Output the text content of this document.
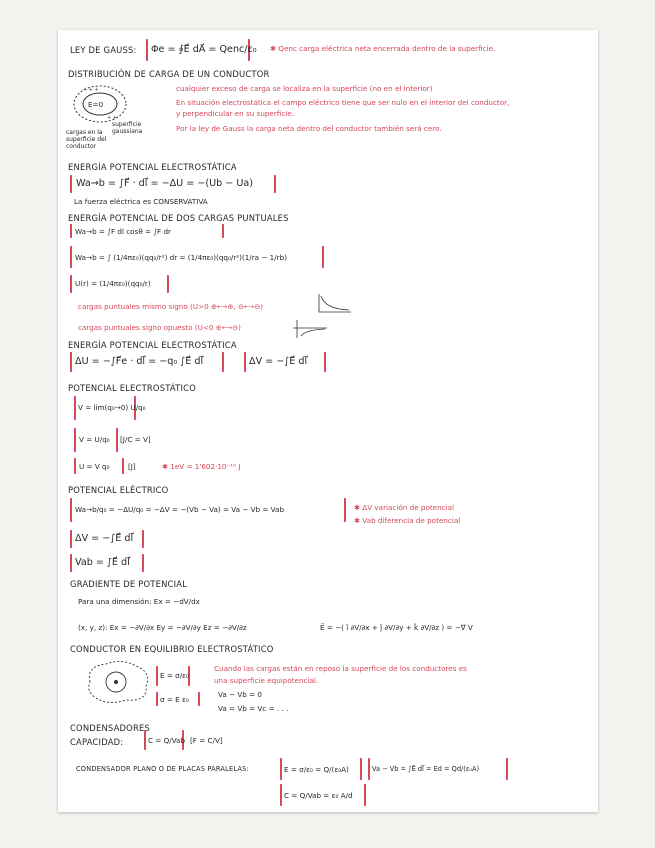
LEY DE GAUSS: Φe = ∮E⃗ dA⃗ = Qenc/ε₀ ✱ Qenc carga eléctrica neta encerrada dentro de la superficie.
DISTRIBUCIÓN DE CARGA DE UN CONDUCTOR
+ + +
+ +
E=0
cargas en la superficie del conductor
superficie gaussiana
cualquier exceso de carga se localiza en la superficie (no en el interior)
En situación electrostática el campo eléctrico tiene que ser nulo en el interior del conductor,
y perpendicular en su superficie.
Por la ley de Gauss la carga neta dentro del conductor también será cero.
ENERGÍA POTENCIAL ELECTROSTÁTICA
Wa→b = ∫F⃗ · dl⃗ = −ΔU = −(Ub − Ua)
La fuerza eléctrica es CONSERVATIVA
ENERGÍA POTENCIAL DE DOS CARGAS PUNTUALES
Wa→b = ∫F dl cosθ = ∫F dr
Wa→b = ∫ (1/4πε₀)(qq₀/r²) dr = (1/4πε₀)(qq₀/r²)(1/ra − 1/rb)
U(r) = (1/4πε₀)(qq₀/r)
cargas puntuales mismo signo (U>0 ⊕⟷⊕, ⊖⟷⊖)
cargas puntuales signo opuesto (U<0 ⊕⟷⊖)
ENERGÍA POTENCIAL ELECTROSTÁTICA
ΔU = −∫F⃗e · dl⃗ = −q₀ ∫E⃗ dl⃗	ΔV = −∫E⃗ dl⃗
POTENCIAL ELECTROSTÁTICO
V = lim(q₀→0) U/q₀
V = U/q₀ [J/C = V]
U = V q₀	[J]	✱ 1eV = 1'602·10⁻¹⁹ J
POTENCIAL ELÉCTRICO
Wa→b/q₀ = −ΔU/q₀ = −ΔV = −(Vb − Va) = Va − Vb = Vab	✱ ΔV variación de potencial
✱ Vab diferencia de potencial
ΔV = −∫E⃗ dl⃗
Vab = ∫E⃗ dl⃗
GRADIENTE DE POTENCIAL
Para una dimensión: Ex = −dV/dx
(x, y, z): Ex = −∂V/∂x Ey = −∂V/∂y Ez = −∂V/∂z	E⃗ = −( î ∂V/∂x + ĵ ∂V/∂y + k̂ ∂V/∂z ) = −∇⃗ V
CONDUCTOR EN EQUILIBRIO ELECTROSTÁTICO
E = σ/ε₀
σ = E ε₀
Cuando las cargas están en reposo la superficie de los conductores es
una superficie equipotencial.
Va − Vb = 0
Va = Vb = Vc = . . .
CONDENSADORES
CAPACIDAD:	C = Q/Vab [F = C/V]
CONDENSADOR PLANO O DE PLACAS PARALELAS:	E = σ/ε₀ = Q/(ε₀A)	Va − Vb = ∫E⃗ dl⃗ = Ed = Qd/(ε₀A)
C = Q/Vab = ε₀ A/d
